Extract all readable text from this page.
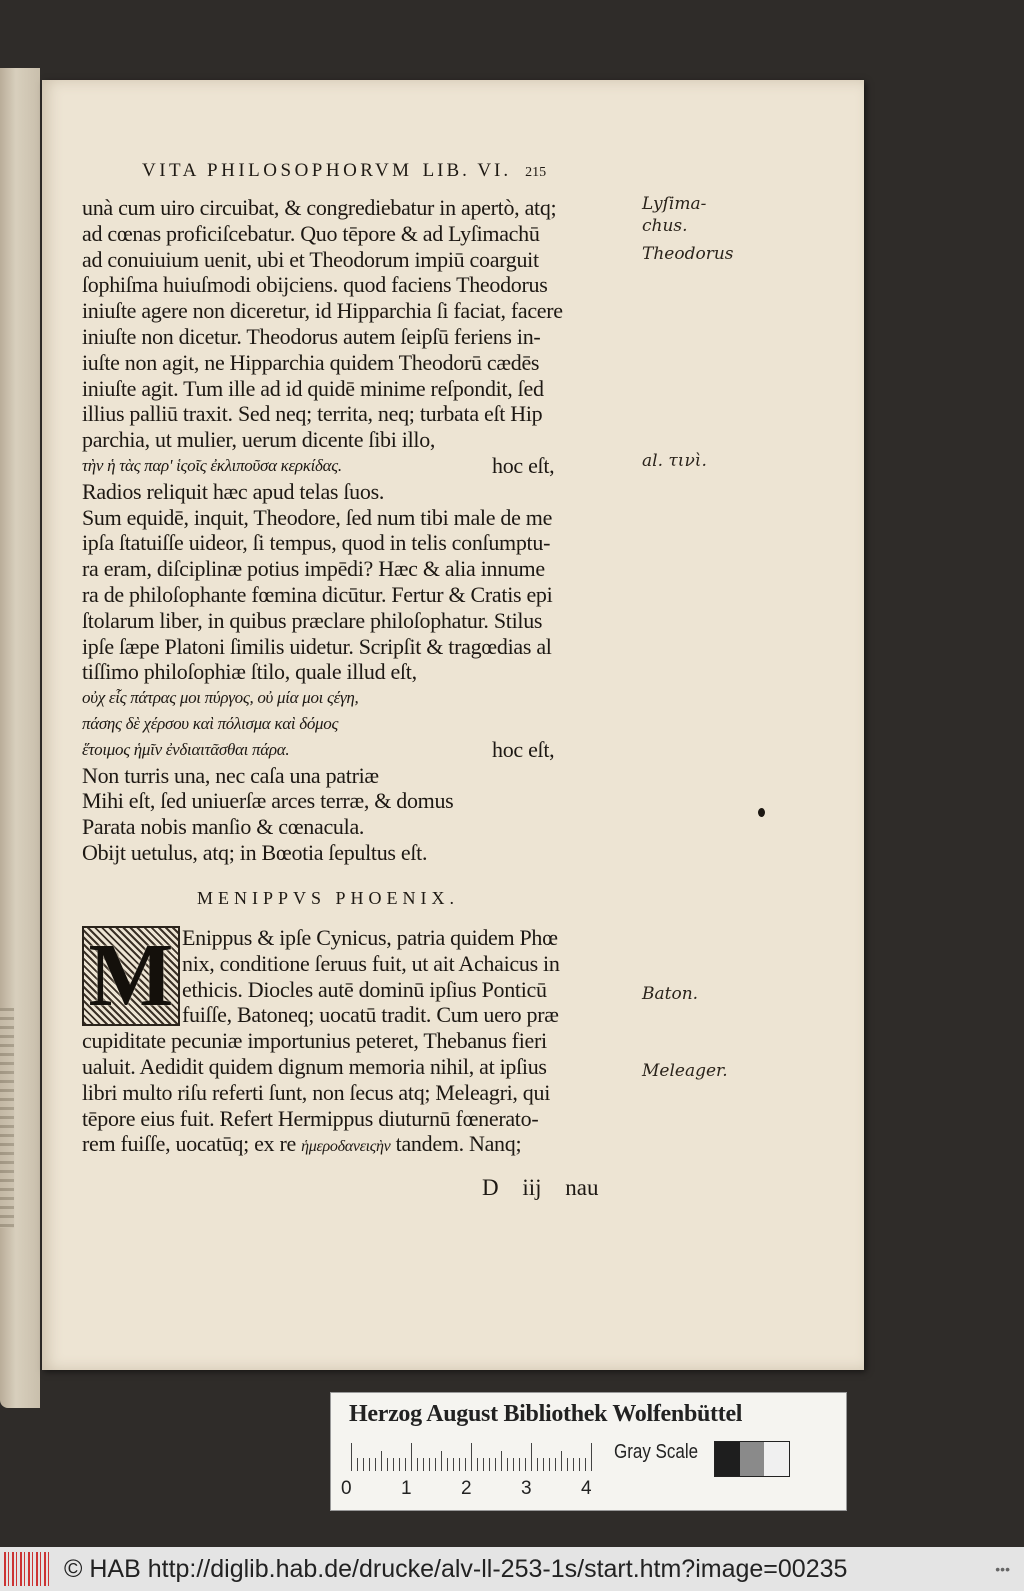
VITA PHILOSOPHORVM LIB. VI. 215
unà cum uiro circuibat, & congrediebatur in apertò, atq;
ad cœnas proficiſcebatur. Quo tēpore & ad Lyſimachū
ad conuiuium uenit, ubi et Theodorum impiū coarguit
ſophiſma huiuſmodi obijciens. quod faciens Theodorus
iniuſte agere non diceretur, id Hipparchia ſi faciat, facere
iniuſte non dicetur. Theodorus autem ſeipſū feriens in-
iuſte non agit, ne Hipparchia quidem Theodorū cædēs
iniuſte agit. Tum ille ad id quidē minime reſpondit, ſed
illius palliū traxit. Sed neq; territa, neq; turbata eſt Hip
parchia, ut mulier, uerum dicente ſibi illo,
τὴν ἡ τὰς παρ' ἱςοῖς ἐκλιποῦσα κερκίδας.	hoc eſt,
Radios reliquit hæc apud telas ſuos.
Sum equidē, inquit, Theodore, ſed num tibi male de me
ipſa ſtatuiſſe uideor, ſi tempus, quod in telis conſumptu-
ra eram, diſciplinæ potius impēdi? Hæc & alia innume
ra de philoſophante fœmina dicūtur. Fertur & Cratis epi
ſtolarum liber, in quibus præclare philoſophatur. Stilus
ipſe ſæpe Platoni ſimilis uidetur. Scripſit & tragœdias al
tiſſimo philoſophiæ ſtilo, quale illud eſt,
οὐχ εἷς πάτρας μοι πύργος, οὐ μία μοι ςέγη,
πάσης δὲ χέρσου καὶ πόλισμα καὶ δόμος
ἕτοιμος ἡμῖν ἐνδιαιτᾶσθαι πάρα.	hoc eſt,
Non turris una, nec caſa una patriæ
Mihi eſt, ſed uniuerſæ arces terræ, & domus
Parata nobis manſio & cœnacula.
Obijt uetulus, atq; in Bœotia ſepultus eſt.
MENIPPVS PHOENIX.
M Enippus & ipſe Cynicus, patria quidem Phœ
nix, conditione ſeruus fuit, ut ait Achaicus in
ethicis. Diocles autē dominū ipſius Ponticū
fuiſſe, Batoneq; uocatū tradit. Cum uero præ
cupiditate pecuniæ importunius peteret, Thebanus fieri
ualuit. Aedidit quidem dignum memoria nihil, at ipſius
libri multo riſu referti ſunt, non ſecus atq; Meleagri, qui
tēpore eius fuit. Refert Hermippus diuturnū fœnerato-
rem fuiſſe, uocatūq; ex re ἡμεροδανειςὴν tandem. Nanq;
D iij nau
Lyſima-
chus.
Theodorus
al. τινὶ.
Baton.
Meleager.
Herzog August Bibliothek Wolfenbüttel
0	1	2	3	4
Gray Scale
© HAB http://diglib.hab.de/drucke/alv-ll-253-1s/start.htm?image=00235	•••
